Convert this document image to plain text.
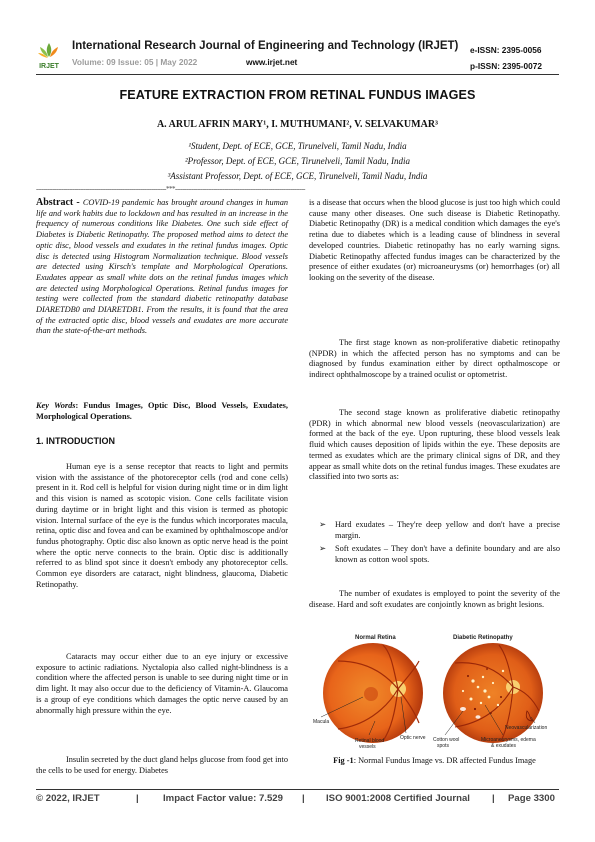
IRJET
International Research Journal of Engineering and Technology (IRJET)
Volume: 09 Issue: 05 | May 2022	www.irjet.net
e-ISSN: 2395-0056
p-ISSN: 2395-0072
FEATURE EXTRACTION FROM RETINAL FUNDUS IMAGES
A. ARUL AFRIN MARY¹, I. MUTHUMANI², V. SELVAKUMAR³
¹Student, Dept. of ECE, GCE, Tirunelveli, Tamil Nadu, India
²Professor, Dept. of ECE, GCE, Tirunelveli, Tamil Nadu, India
³Assistant Professor, Dept. of ECE, GCE, Tirunelveli, Tamil Nadu, India
-----------------------------------------------------------------------***-----------------------------------------------------------------------

Abstract - COVID-19 pandemic has brought around changes in human life and work habits due to lockdown and has resulted in an increase in the frequency of numerous conditions like Diabetes. One such side effect of Diabetes is Diabetic Retinopathy. The proposed method aims to detect the optic disc, blood vessels and exudates in the retinal fundus images. Optic disc is detected using Histogram Normalization technique. Blood vessels are detected using Kirsch's template and Morphological Operations. Exudates appear as small white dots on the retinal fundus images which are detected using Morphological Operations. Retinal fundus images for testing were collected from the standard diabetic retinopathy database DIARETDB0 and DIARETDB1. From the results, it is found that the area of the extracted optic disc, blood vessels and exudates are more accurate than the state-of-the-art methods.

Key Words: Fundus Images, Optic Disc, Blood Vessels, Exudates, Morphological Operations.

1. INTRODUCTION

Human eye is a sense receptor that reacts to light and permits vision with the assistance of the photoreceptor cells (rod and cone cells) present in it. Rod cell is helpful for vision during night time or in dim light and this vision is named as scotopic vision. Cone cells facilitate vision during daytime or in bright light and this vision is termed as photopic vision. Internal surface of the eye is the fundus which incorporates macula, retina, optic disc and fovea and can be examined by ophthalmoscope and/or fundus photography. Optic disc also known as optic nerve head is the point where the optic nerve connects to the brain. Optic disc is additionally referred to as blind spot since it doesn't embody any photoreceptor cells. Common eye disorders are cataract, night blindness, glaucoma, Diabetic Retinopathy.

Cataracts may occur either due to an eye injury or excessive exposure to actinic radiations. Nyctalopia also called night-blindness is a condition where the affected person is unable to see during night time or in dim light. It may also occur due to the deficiency of Vitamin-A. Glaucoma is a group of eye conditions which damages the optic nerve caused by an abnormally high pressure within the eye.

Insulin secreted by the duct gland helps glucose from food get into the cells to be used for energy. Diabetes

is a disease that occurs when the blood glucose is just too high which could cause many other diseases. One such disease is Diabetic Retinopathy. Diabetic Retinopathy (DR) is a medical condition which damages the eye's retina due to diabetes which is a leading cause of blindness in several developed countries. Diabetic retinopathy has no early warning signs. Diabetic Retinopathy affected fundus images can be characterized by the presence of either exudates (or) microaneurysms (or) hemorrhages (or) all looking on the severity of the disease.

The first stage known as non-proliferative diabetic retinopathy (NPDR) in which the affected person has no symptoms and can be diagnosed by fundus examination either by direct opthalmoscope or indirect ophthalmoscope by a trained oculist or optometrist.

The second stage known as proliferative diabetic retinopathy (PDR) in which abnormal new blood vessels (neovascularization) are formed at the back of the eye. Upon rupturing, these blood vessels leak fluid which causes deposition of lipids within the eye. These deposits are termed as exudates which are the primary clinical signs of DR, and they appear as small white dots on the retinal fundus images. These exudates are classified into two sorts as:

➢ Hard exudates – They're deep yellow and don't have a precise margin.
➢ Soft exudates – They don't have a definite boundary and are also known as cotton wool spots.

The number of exudates is employed to point the severity of the disease. Hard and soft exudates are conjointly known as bright lesions.

Normal Retina
Macula
Retinal blood
vessels
Optic nerve
Diabetic Retinopathy
Neovascularization
Cotton wool
spots
Microaneurysms, edema
& exudates
Fig -1: Normal Fundus Image vs. DR affected Fundus Image
© 2022, IRJET	|	Impact Factor value: 7.529 | ISO 9001:2008 Certified Journal | Page 3300
